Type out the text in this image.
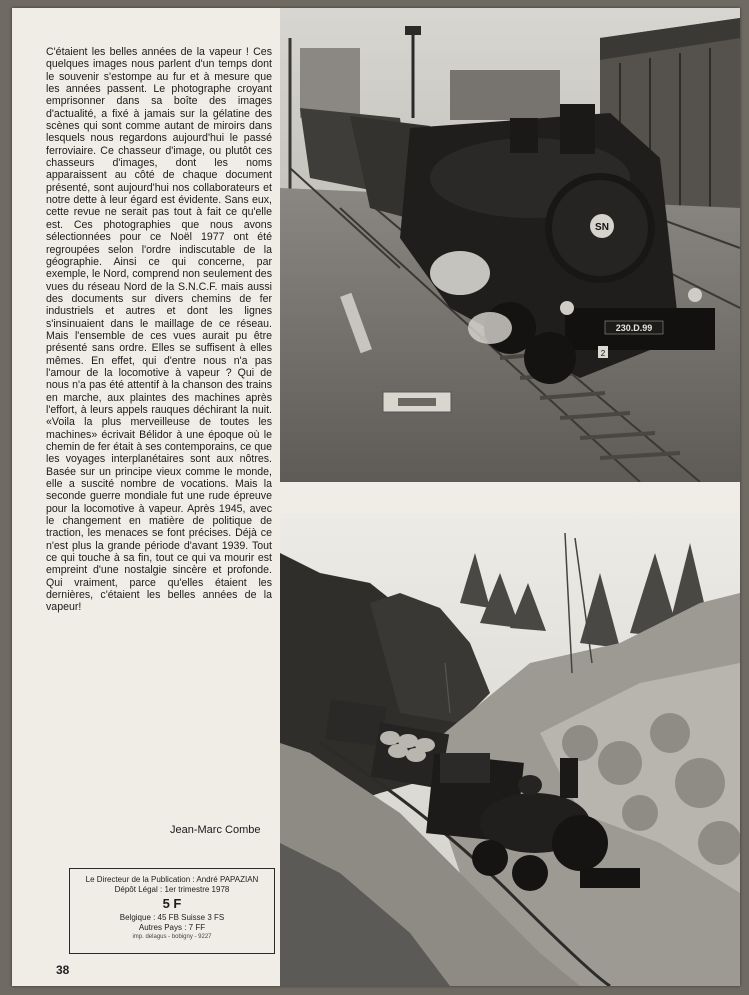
C'étaient les belles années de la vapeur ! Ces quelques images nous parlent d'un temps dont le souvenir s'estompe au fur et à mesure que les années passent. Le photographe croyant emprisonner dans sa boîte des images d'actualité, a fixé à jamais sur la gélatine des scènes qui sont comme autant de miroirs dans lesquels nous regardons aujourd'hui le passé ferroviaire. Ce chasseur d'image, ou plutôt ces chasseurs d'images, dont les noms apparaissent au côté de chaque document présenté, sont aujourd'hui nos collaborateurs et notre dette à leur égard est évidente. Sans eux, cette revue ne serait pas tout à fait ce qu'elle est. Ces photographies que nous avons sélectionnées pour ce Noël 1977 ont été regroupées selon l'ordre indiscutable de la géographie. Ainsi ce qui concerne, par exemple, le Nord, comprend non seulement des vues du réseau Nord de la S.N.C.F. mais aussi des documents sur divers chemins de fer industriels et autres et dont les lignes s'insinuaient dans le maillage de ce réseau. Mais l'ensemble de ces vues aurait pu être présenté sans ordre. Elles se suffisent à elles mêmes. En effet, qui d'entre nous n'a pas l'amour de la locomotive à vapeur ? Qui de nous n'a pas été attentif à la chanson des trains en marche, aux plaintes des machines après l'effort, à leurs appels rauques déchirant la nuit. «Voila la plus merveilleuse de toutes les machines» écrivait Bélidor à une époque où le chemin de fer était à ses contemporains, ce que les voyages interplanétaires sont aux nôtres. Basée sur un principe vieux comme le monde, elle a suscité nombre de vocations. Mais la seconde guerre mondiale fut une rude épreuve pour la locomotive à vapeur. Après 1945, avec le changement en matière de politique de traction, les menaces se font précises. Déjà ce n'est plus la grande période d'avant 1939. Tout ce qui touche à sa fin, tout ce qui va mourir est empreint d'une nostalgie sincère et profonde. Qui vraiment, parce qu'elles étaient les dernières, c'étaient les belles années de la vapeur!

Jean-Marc Combe
Le Directeur de la Publication : André PAPAZIAN
Dépôt Légal : 1er trimestre 1978
5 F
Belgique : 45 FB Suisse 3 FS
Autres Pays : 7 FF
imp. delagus - bobigny - 9227
38
SN
230.D.99
2
